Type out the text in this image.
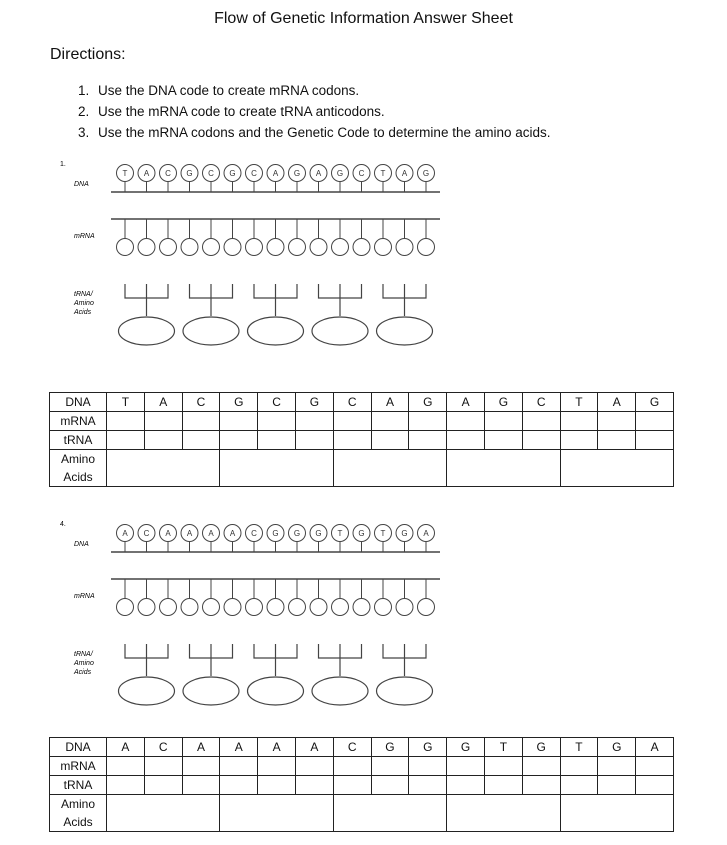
Flow of Genetic Information Answer Sheet
Directions:
1. Use the DNA code to create mRNA codons.
2. Use the mRNA code to create tRNA anticodons.
3. Use the mRNA codons and the Genetic Code to determine the amino acids.
1.
DNA
mRNA
tRNA/
Amino
Acids
T A C G C G C A G A G C T A G
DNA	T	A	C	G	C	G	C	A	G	A	G	C	T	A	G
mRNA															
tRNA															
Amino
Acids															
4.
DNA
mRNA
tRNA/
Amino
Acids
A C A A A A C G G G T G T G A
DNA	A	C	A	A	A	A	C	G	G	G	T	G	T	G	A
mRNA															
tRNA															
Amino
Acids															
